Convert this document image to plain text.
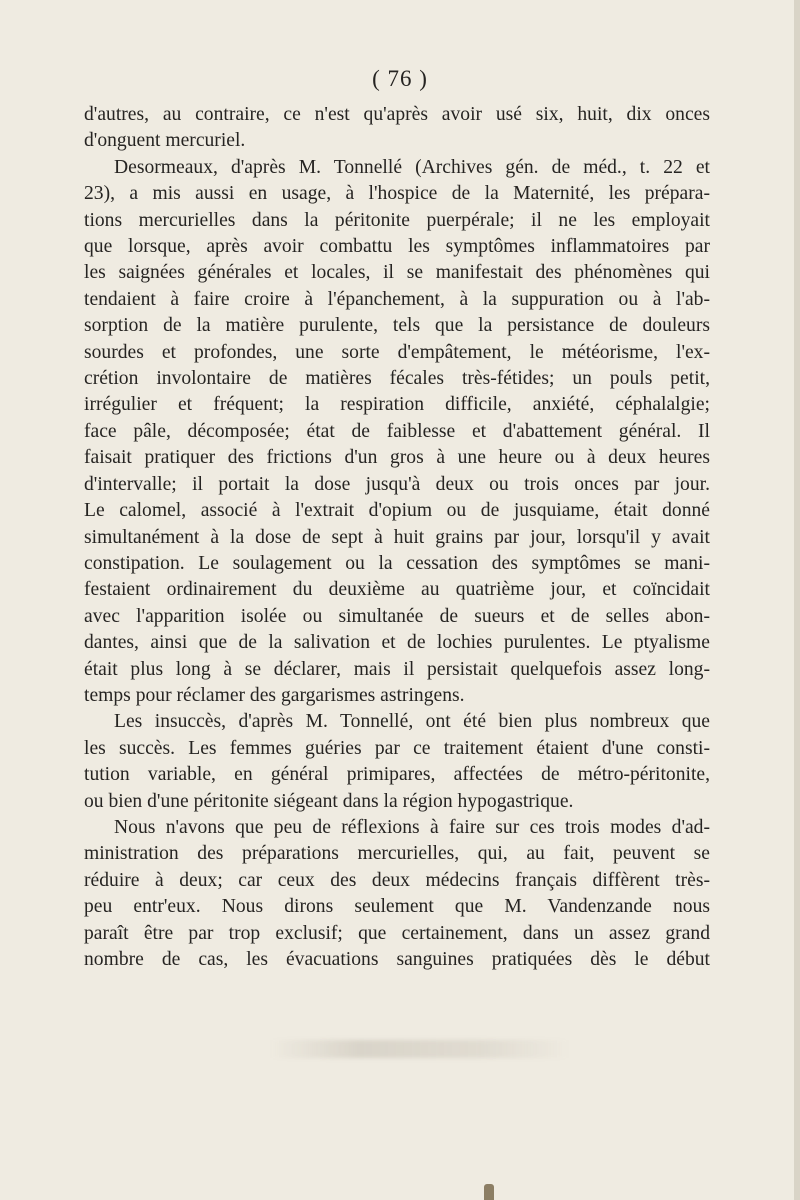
( 76 )
d'autres, au contraire, ce n'est qu'après avoir usé six, huit, dix onces
d'onguent mercuriel.
Desormeaux, d'après M. Tonnellé (Archives gén. de méd., t. 22 et
23), a mis aussi en usage, à l'hospice de la Maternité, les prépara-
tions mercurielles dans la péritonite puerpérale; il ne les employait
que lorsque, après avoir combattu les symptômes inflammatoires par
les saignées générales et locales, il se manifestait des phénomènes qui
tendaient à faire croire à l'épanchement, à la suppuration ou à l'ab-
sorption de la matière purulente, tels que la persistance de douleurs
sourdes et profondes, une sorte d'empâtement, le météorisme, l'ex-
crétion involontaire de matières fécales très-fétides; un pouls petit,
irrégulier et fréquent; la respiration difficile, anxiété, céphalalgie;
face pâle, décomposée; état de faiblesse et d'abattement général. Il
faisait pratiquer des frictions d'un gros à une heure ou à deux heures
d'intervalle; il portait la dose jusqu'à deux ou trois onces par jour.
Le calomel, associé à l'extrait d'opium ou de jusquiame, était donné
simultanément à la dose de sept à huit grains par jour, lorsqu'il y avait
constipation. Le soulagement ou la cessation des symptômes se mani-
festaient ordinairement du deuxième au quatrième jour, et coïncidait
avec l'apparition isolée ou simultanée de sueurs et de selles abon-
dantes, ainsi que de la salivation et de lochies purulentes. Le ptyalisme
était plus long à se déclarer, mais il persistait quelquefois assez long-
temps pour réclamer des gargarismes astringens.
Les insuccès, d'après M. Tonnellé, ont été bien plus nombreux que
les succès. Les femmes guéries par ce traitement étaient d'une consti-
tution variable, en général primipares, affectées de métro-péritonite,
ou bien d'une péritonite siégeant dans la région hypogastrique.
Nous n'avons que peu de réflexions à faire sur ces trois modes d'ad-
ministration des préparations mercurielles, qui, au fait, peuvent se
réduire à deux; car ceux des deux médecins français diffèrent très-
peu entr'eux. Nous dirons seulement que M. Vandenzande nous
paraît être par trop exclusif; que certainement, dans un assez grand
nombre de cas, les évacuations sanguines pratiquées dès le début
